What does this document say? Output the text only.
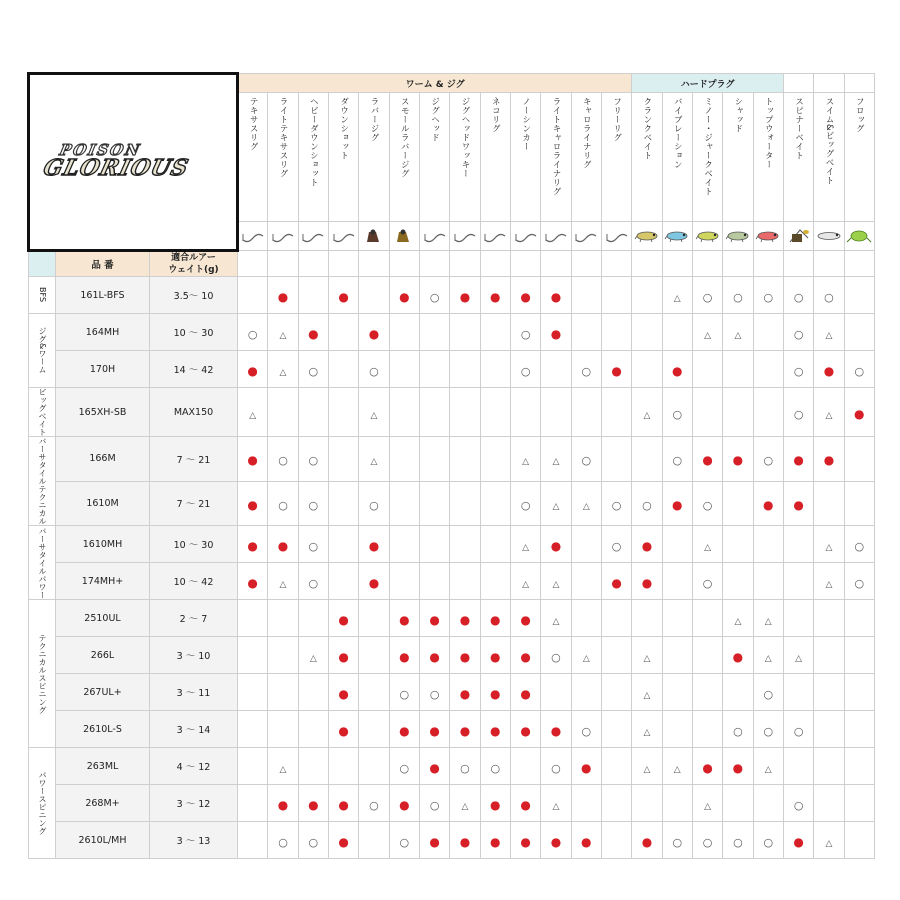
POISON
GLORIOUS			ワーム & ジグ													ハードプラグ							

			テキサスリグ	ライトテキサスリグ	ヘビーダウンショット	ダウンショット	ラバージグ	スモールラバージグ	ジグヘッド	ジグヘッドワッキー	ネコリグ	ノーシンカー	ライトキャロライナリグ	キャロライナリグ	フリーリグ	クランクベイト	バイブレーション	ミノー・ジャークベイト	シャッド	トップウォーター	スピナーベイト	スイム&ビッグベイト	フロッグ

	品 番	適合ルアー
ウェイト(g)																					

BFS	161L-BFS	3.5～ 10		●		●		●	○	●	●	●	●				△	○	○	○	○	○	

ジグ&ワーム	164MH	10 ～ 30	○	△	●		●					○	●					△	△		○	△	
	170H	14 ～ 42	●	△	○		○					○		○	●		●				○	●	○

ビッグベイト	165XH-SB	MAX150	△				△									△	○				○	△	●

バーサタイルテクニカル	166M	7 ～ 21	●	○	○		△					△	△	○			○	●	●	○	●	●	
	1610M	7 ～ 21	●	○	○		○					○	△	△	○	○	●	○		●	●		

バーサタイルパワー	1610MH	10 ～ 30	●	●	○		●					△	●		○	●		△				△	○
	174MH+	10 ～ 42	●	△	○		●					△	△		●	●		○				△	○

テクニカルスピニング	2510UL	2 ～ 7				●		●	●	●	●	●	△						△	△			
	266L	3 ～ 10			△	●		●	●	●	●	●	○	△		△			●	△	△		
	267UL+	3 ～ 11				●		○	○	●	●	●				△				○			
	2610L-S	3 ～ 14				●		●	●	●	●	●	●	○		△			○	○	○		

パワースピニング	263ML	4 ～ 12		△				○	●	○	○		○	●		△	△	●	●	△			
	268M+	3 ～ 12		●	●	●	○	●	○	△	●	●	△					△			○		
	2610L/MH	3 ～ 13		○	○	●		○	●	●	●	●	●	●		●	○	○	○	○	●	△	
